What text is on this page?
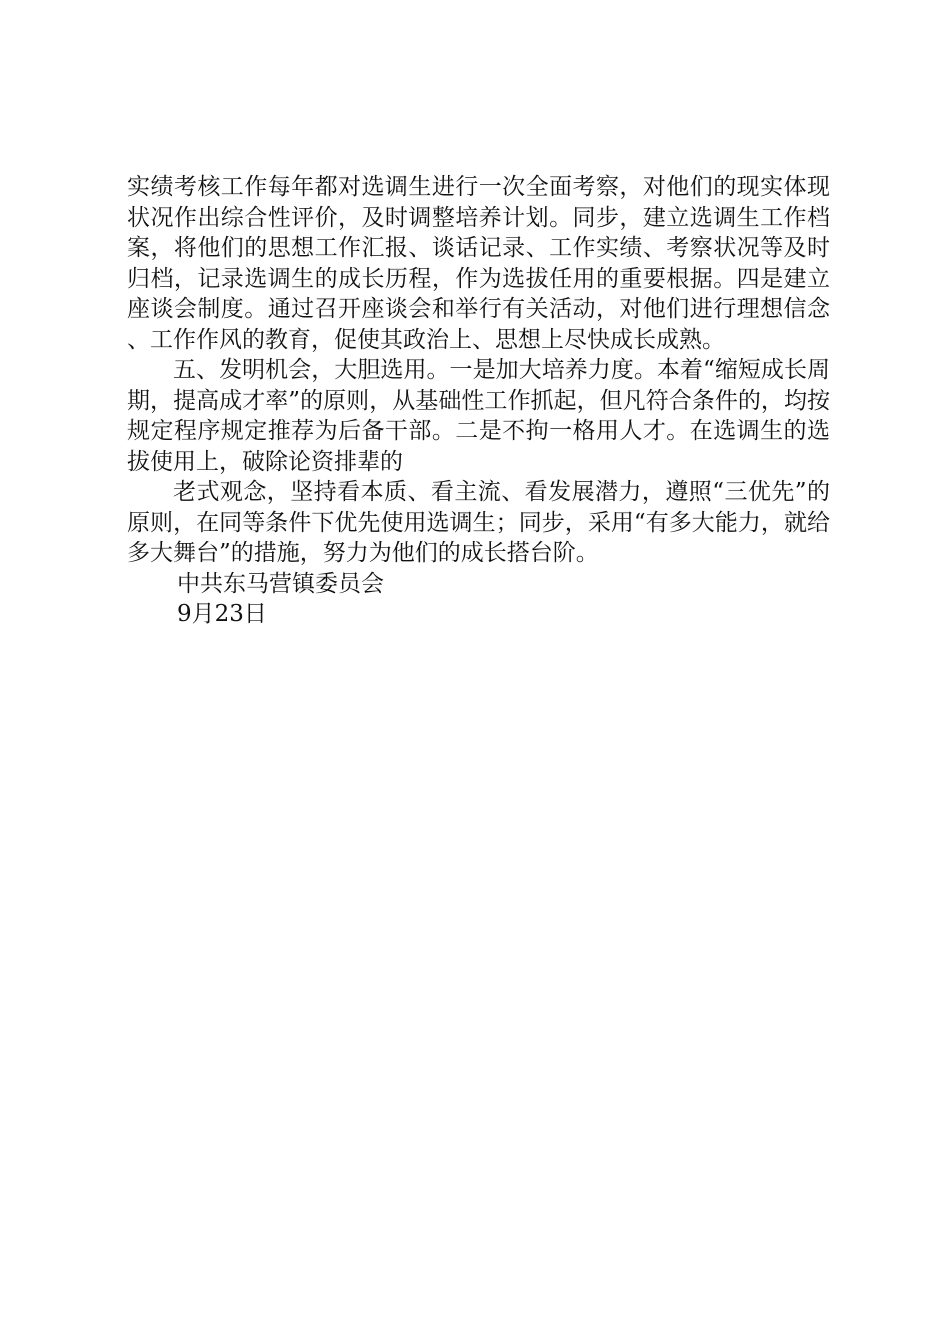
实绩考核工作每年都对选调生进行一次全面考察，对他们的现实体现状况作出综合性评价，及时调整培养计划。同步，建立选调生工作档案，将他们的思想工作汇报、谈话记录、工作实绩、考察状况等及时归档，记录选调生的成长历程，作为选拔任用的重要根据。四是建立座谈会制度。通过召开座谈会和举行有关活动，对他们进行理想信念、工作作风的教育，促使其政治上、思想上尽快成长成熟。

五、发明机会，大胆选用。一是加大培养力度。本着“缩短成长周期，提高成才率”的原则，从基础性工作抓起，但凡符合条件的，均按规定程序规定推荐为后备干部。二是不拘一格用人才。在选调生的选拔使用上，破除论资排辈的

老式观念，坚持看本质、看主流、看发展潜力，遵照“三优先”的原则，在同等条件下优先使用选调生；同步，采用“有多大能力，就给多大舞台”的措施，努力为他们的成长搭台阶。

中共东马营镇委员会

9月23日
